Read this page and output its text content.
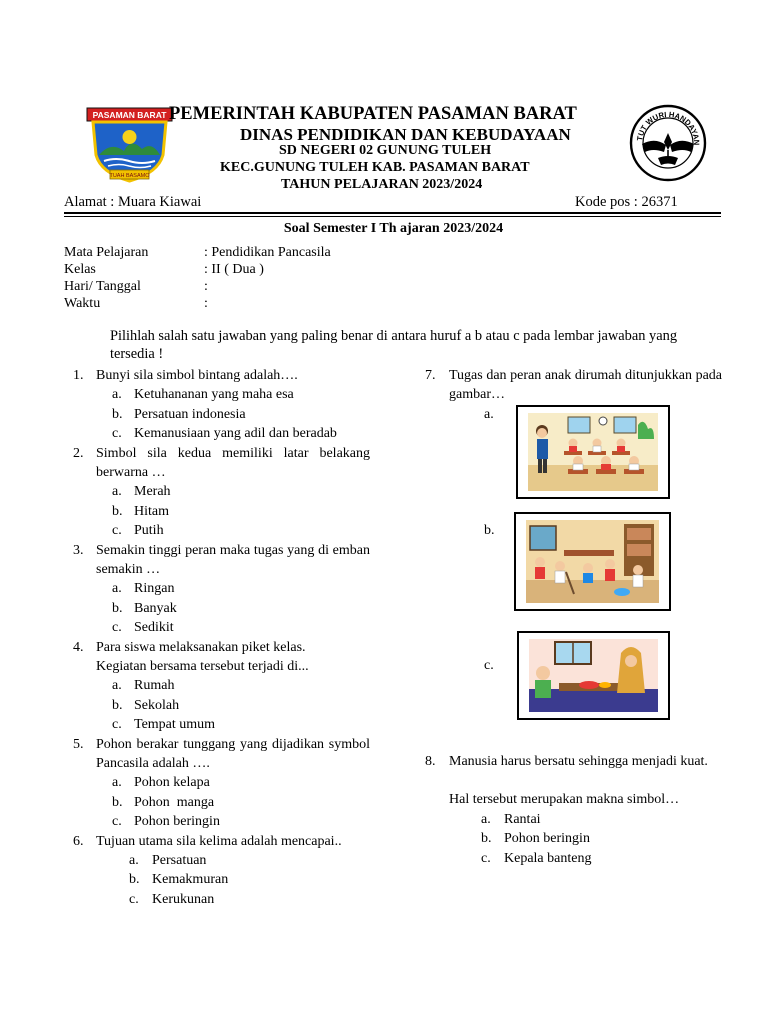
PASAMAN BARAT
TUAH BASAMO
PEMERINTAH KABUPATEN PASAMAN BARAT
DINAS PENDIDIKAN DAN KEBUDAYAAN
SD NEGERI 02 GUNUNG TULEH
KEC.GUNUNG TULEH KAB. PASAMAN BARAT
TAHUN PELAJARAN 2023/2024
TUT WURI HANDAYAN
Alamat : Muara Kiawai	Kode pos : 26371
Soal Semester I Th ajaran 2023/2024
Mata Pelajaran	: Pendidikan Pancasila
Kelas	: II ( Dua )
Hari/ Tanggal	:
Waktu	:
Pilihlah salah satu jawaban yang paling benar di antara huruf a b atau c pada lembar jawaban yang tersedia !
1. Bunyi sila simbol bintang adalah….
a. Ketuhananan yang maha esa
b. Persatuan indonesia
c. Kemanusiaan yang adil dan beradab
2. Simbol sila kedua memiliki latar belakang berwarna …
a. Merah
b. Hitam
c. Putih
3. Semakin tinggi peran maka tugas yang di emban semakin …
a. Ringan
b. Banyak
c. Sedikit
4. Para siswa melaksanakan piket kelas.
Kegiatan bersama tersebut terjadi di...
a. Rumah
b. Sekolah
c. Tempat umum
5. Pohon berakar tunggang yang dijadikan symbol Pancasila adalah ….
a. Pohon kelapa
b. Pohon  manga
c. Pohon beringin
6. Tujuan utama sila kelima adalah mencapai..
a. Persatuan
b. Kemakmuran
c. Kerukunan
7. Tugas dan peran anak dirumah ditunjukkan pada gambar…
a.
b.
c.
8. Manusia harus bersatu sehingga menjadi kuat.
Hal tersebut merupakan makna simbol…
a. Rantai
b. Pohon beringin
c. Kepala banteng
